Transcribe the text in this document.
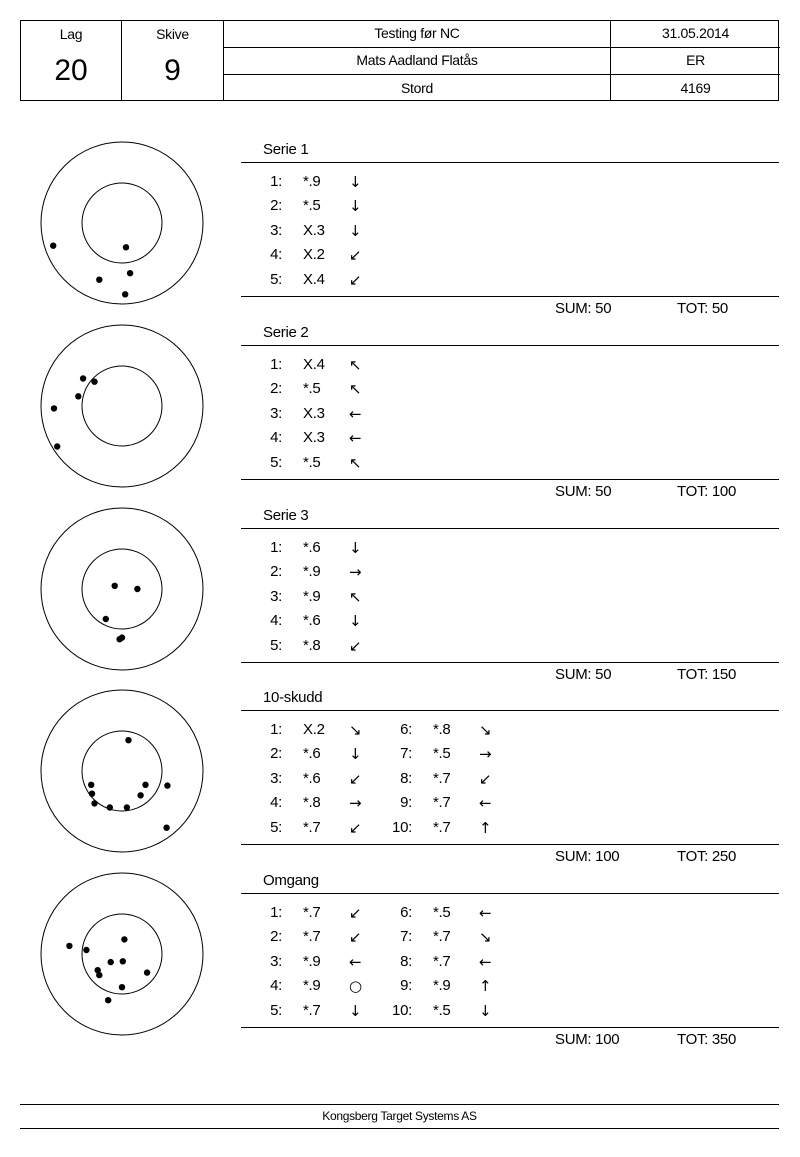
Lag
20
Skive
9
Testing før NC	31.05.2014
Mats Aadland Flatås	ER
Stord	4169
Serie 1
1: *.9 ↓
2: *.5 ↓
3: X.3 ↓
4: X.2 ↙
5: X.4 ↙
SUM: 50	TOT: 50
Serie 2
1: X.4 ↖
2: *.5 ↖
3: X.3 ←
4: X.3 ←
5: *.5 ↖
SUM: 50	TOT: 100
Serie 3
1: *.6 ↓
2: *.9 →
3: *.9 ↖
4: *.6 ↓
5: *.8 ↙
SUM: 50	TOT: 150
10-skudd
1: X.2 ↘
2: *.6 ↓
3: *.6 ↙
4: *.8 →
5: *.7 ↙
6: *.8 ↘
7: *.5 →
8: *.7 ↙
9: *.7 ←
10: *.7 ↑
SUM: 100	TOT: 250
Omgang
1: *.7 ↙
2: *.7 ↙
3: *.9 ←
4: *.9 ○
5: *.7 ↓
6: *.5 ←
7: *.7 ↘
8: *.7 ←
9: *.9 ↑
10: *.5 ↓
SUM: 100	TOT: 350
Kongsberg Target Systems AS
